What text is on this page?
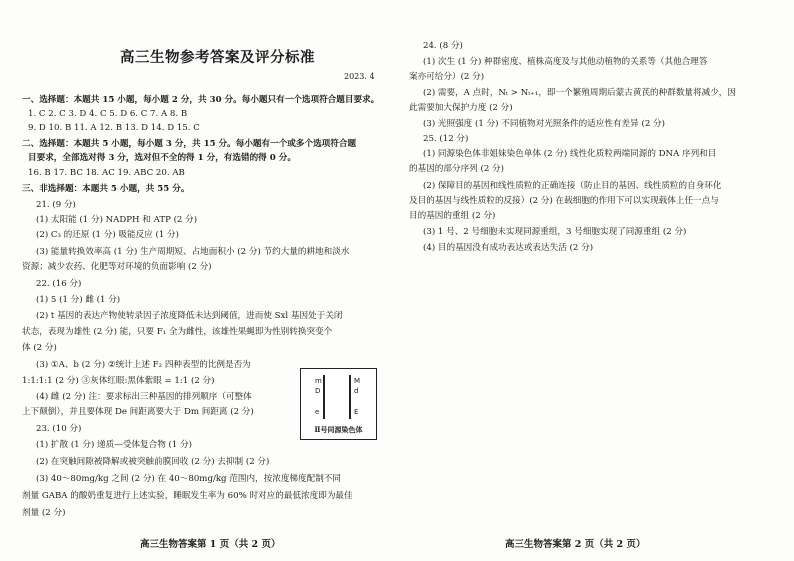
高三生物参考答案及评分标准
2023. 4
一、选择题：本题共 15 小题，每小题 2 分，共 30 分。每小题只有一个选项符合题目要求。
1. C 2. C 3. D 4. C 5. D 6. C 7. A 8. B
9. D 10. B 11. A 12. B 13. D 14. D 15. C
二、选择题：本题共 5 小题，每小题 3 分，共 15 分。每小题有一个或多个选项符合题
目要求，全部选对得 3 分，选对但不全的得 1 分，有选错的得 0 分。
16. B 17. BC 18. AC 19. ABC 20. AB
三、非选择题：本题共 5 小题，共 55 分。
21. (9 分)
(1) 太阳能 (1 分) NADPH 和 ATP (2 分)
(2) C₃ 的还原 (1 分) 吸能反应 (1 分)
(3) 能量转换效率高 (1 分) 生产周期短、占地面积小 (2 分) 节约大量的耕地和淡水
资源；减少农药、化肥等对环境的负面影响 (2 分)
22. (16 分)
(1) 5 (1 分) 雌 (1 分)
(2) t 基因的表达产物使转录因子浓度降低未达到阈值，进而使 Sxl 基因处于关闭
状态，表现为雄性 (2 分) 能，只要 F₁ 全为雌性，该雄性果蝇即为性别转换突变个
体 (2 分)
(3) ①A、b (2 分) ②统计上述 F₂ 四种表型的比例是否为
1:1:1:1 (2 分) ③灰体红眼:黑体紫眼 = 1:1 (2 分)
(4) 雌 (2 分) 注：要求标出三种基因的排列顺序（可整体
上下颠倒），并且要体现 De 间距离要大于 Dm 间距离 (2 分)
23. (10 分)
(1) 扩散 (1 分) 递质—受体复合物 (1 分)
(2) 在突触间隙被降解或被突触前膜回收 (2 分) 去抑制 (2 分)
(3) 40～80mg/kg 之间 (2 分) 在 40～80mg/kg 范围内，按浓度梯度配制不同
剂量 GABA 的酸奶重复进行上述实验，睡眠发生率为 60% 时对应的最低浓度即为最佳
剂量 (2 分)
m
D
e
M
d
E
Ⅱ号同源染色体
高三生物答案第 1 页（共 2 页）
24. (8 分)
(1) 次生 (1 分) 种群密度、植株高度及与其他动植物的关系等（其他合理答
案亦可给分）(2 分)
(2) 需要，A 点时，Nₜ > Nₜ₊₁，即一个繁殖周期后蒙古黄芪的种群数量将减少，因
此需要加大保护力度 (2 分)
(3) 光照强度 (1 分) 不同植物对光照条件的适应性有差异 (2 分)
25. (12 分)
(1) 同源染色体非姐妹染色单体 (2 分) 线性化质粒两端同源的 DNA 序列和目
的基因的部分序列 (2 分)
(2) 保障目的基因和线性质粒的正确连接（防止目的基因、线性质粒的自身环化
及目的基因与线性质粒的反接）(2 分) 在载细胞的作用下可以实现载体上任一点与
目的基因的重组 (2 分)
(3) 1 号、2 号细胞未实现同源重组，3 号细胞实现了同源重组 (2 分)
(4) 目的基因没有成功表达或表达失活 (2 分)
高三生物答案第 2 页（共 2 页）
